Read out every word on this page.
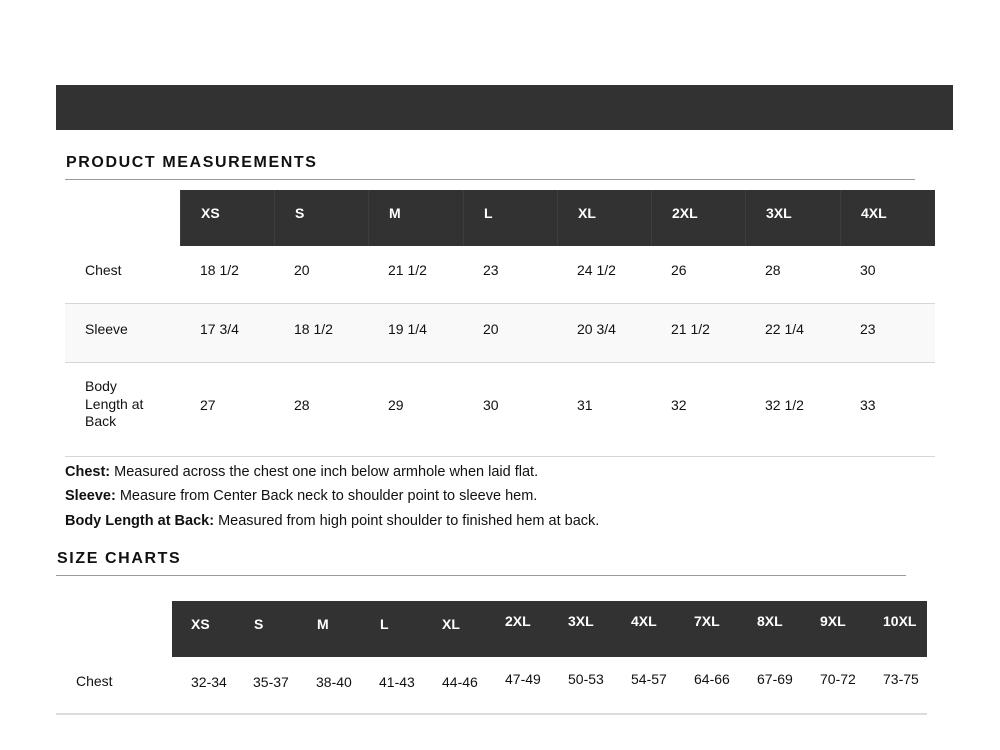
PRODUCT MEASUREMENTS
XS	S	M	L	XL	2XL	3XL	4XL
Chest	18 1/2	20	21 1/2	23	24 1/2	26	28	30
Sleeve	17 3/4	18 1/2	19 1/4	20	20 3/4	21 1/2	22 1/4	23
Body
Length at
Back
27	28	29	30	31	32	32 1/2	33

Chest: Measured across the chest one inch below armhole when laid flat.

Sleeve: Measure from Center Back neck to shoulder point to sleeve hem.

Body Length at Back: Measured from high point shoulder to finished hem at back.

SIZE CHARTS
XS	S	M	L	XL	2XL	3XL	4XL	7XL	8XL	9XL	10XL
Chest	32-34 35-37 38-40 41-43 44-46 47-49 50-53 54-57 64-66 67-69 70-72 73-75
